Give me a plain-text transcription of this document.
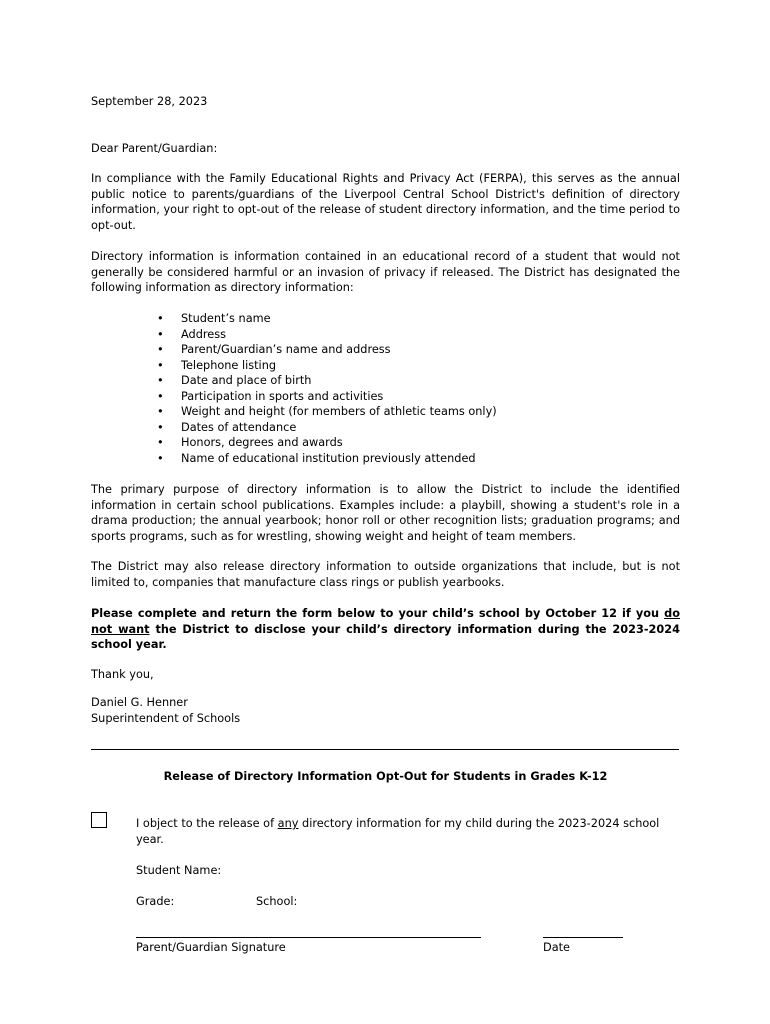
September 28, 2023

Dear Parent/Guardian:

In compliance with the Family Educational Rights and Privacy Act (FERPA), this serves as the annual public notice to parents/guardians of the Liverpool Central School District's definition of directory information, your right to opt-out of the release of student directory information, and the time period to opt-out.

Directory information is information contained in an educational record of a student that would not generally be considered harmful or an invasion of privacy if released. The District has designated the following information as directory information:

• Student’s name
• Address
• Parent/Guardian’s name and address
• Telephone listing
• Date and place of birth
• Participation in sports and activities
• Weight and height (for members of athletic teams only)
• Dates of attendance
• Honors, degrees and awards
• Name of educational institution previously attended

The primary purpose of directory information is to allow the District to include the identified information in certain school publications. Examples include: a playbill, showing a student's role in a drama production; the annual yearbook; honor roll or other recognition lists; graduation programs; and sports programs, such as for wrestling, showing weight and height of team members.

The District may also release directory information to outside organizations that include, but is not limited to, companies that manufacture class rings or publish yearbooks.

Please complete and return the form below to your child’s school by October 12 if you do not want the District to disclose your child’s directory information during the 2023-2024 school year.

Thank you,

Daniel G. Henner
Superintendent of Schools

Release of Directory Information Opt-Out for Students in Grades K-12
I object to the release of any directory information for my child during the 2023-2024 school year.
Student Name:
Grade:	School:
Parent/Guardian Signature	Date
